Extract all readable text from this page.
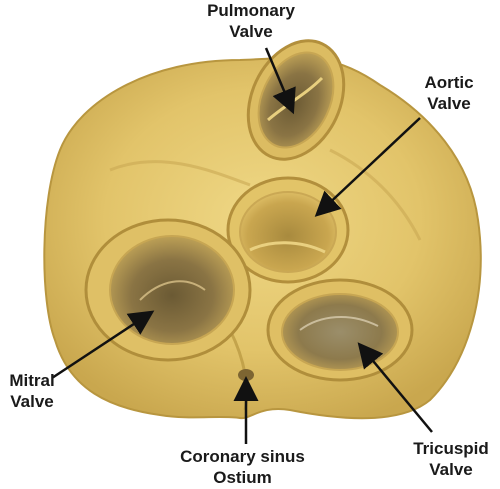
Pulmonary
Valve
Aortic
Valve
Mitral
Valve
Coronary sinus
Ostium
Tricuspid
Valve
